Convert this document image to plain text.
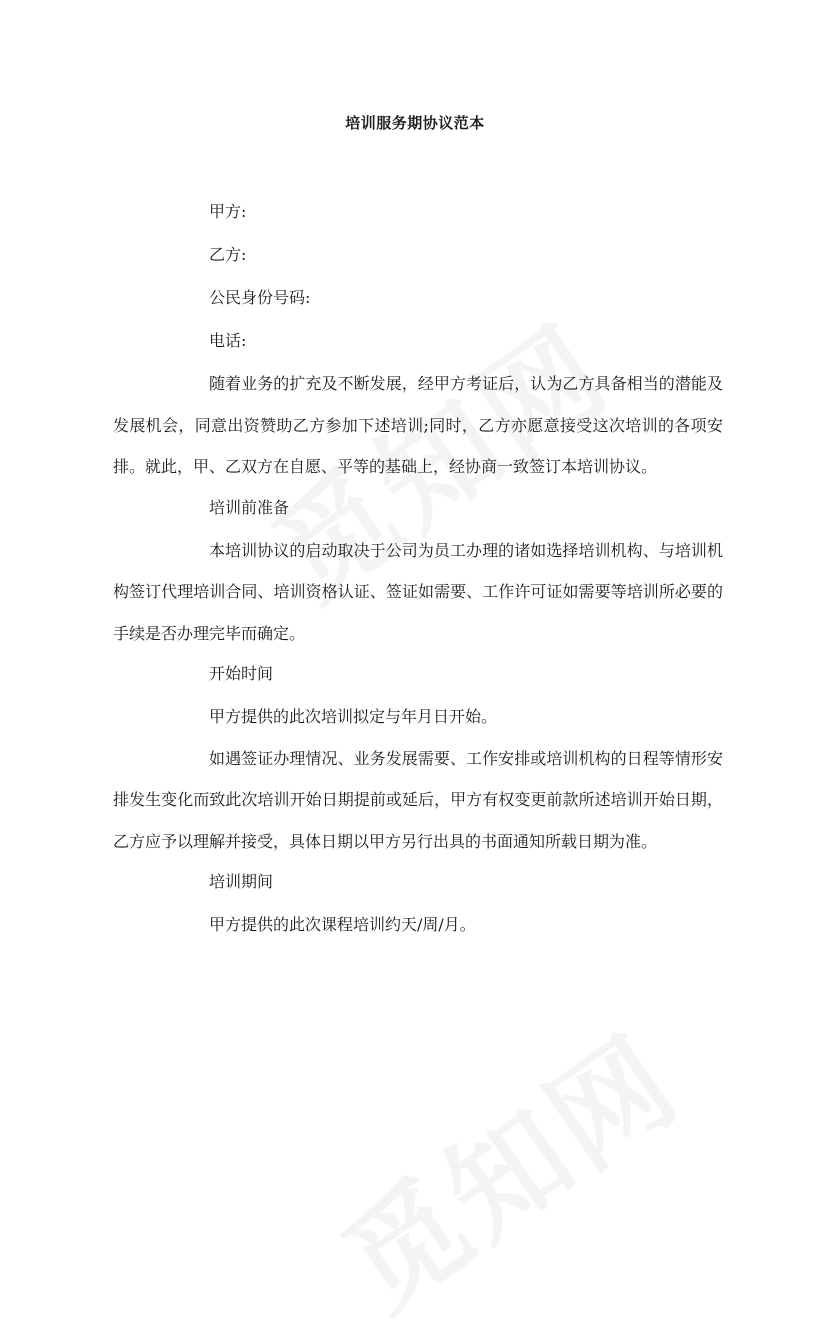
培训服务期协议范本

甲方:

乙方:

公民身份号码:

电话:

随着业务的扩充及不断发展，经甲方考证后，认为乙方具备相当的潜能及发展机会，同意出资赞助乙方参加下述培训;同时，乙方亦愿意接受这次培训的各项安排。就此，甲、乙双方在自愿、平等的基础上，经协商一致签订本培训协议。

培训前准备

本培训协议的启动取决于公司为员工办理的诸如选择培训机构、与培训机构签订代理培训合同、培训资格认证、签证如需要、工作许可证如需要等培训所必要的手续是否办理完毕而确定。

开始时间

甲方提供的此次培训拟定与年月日开始。

如遇签证办理情况、业务发展需要、工作安排或培训机构的日程等情形安排发生变化而致此次培训开始日期提前或延后，甲方有权变更前款所述培训开始日期，乙方应予以理解并接受，具体日期以甲方另行出具的书面通知所载日期为准。

培训期间

甲方提供的此次课程培训约天/周/月。
